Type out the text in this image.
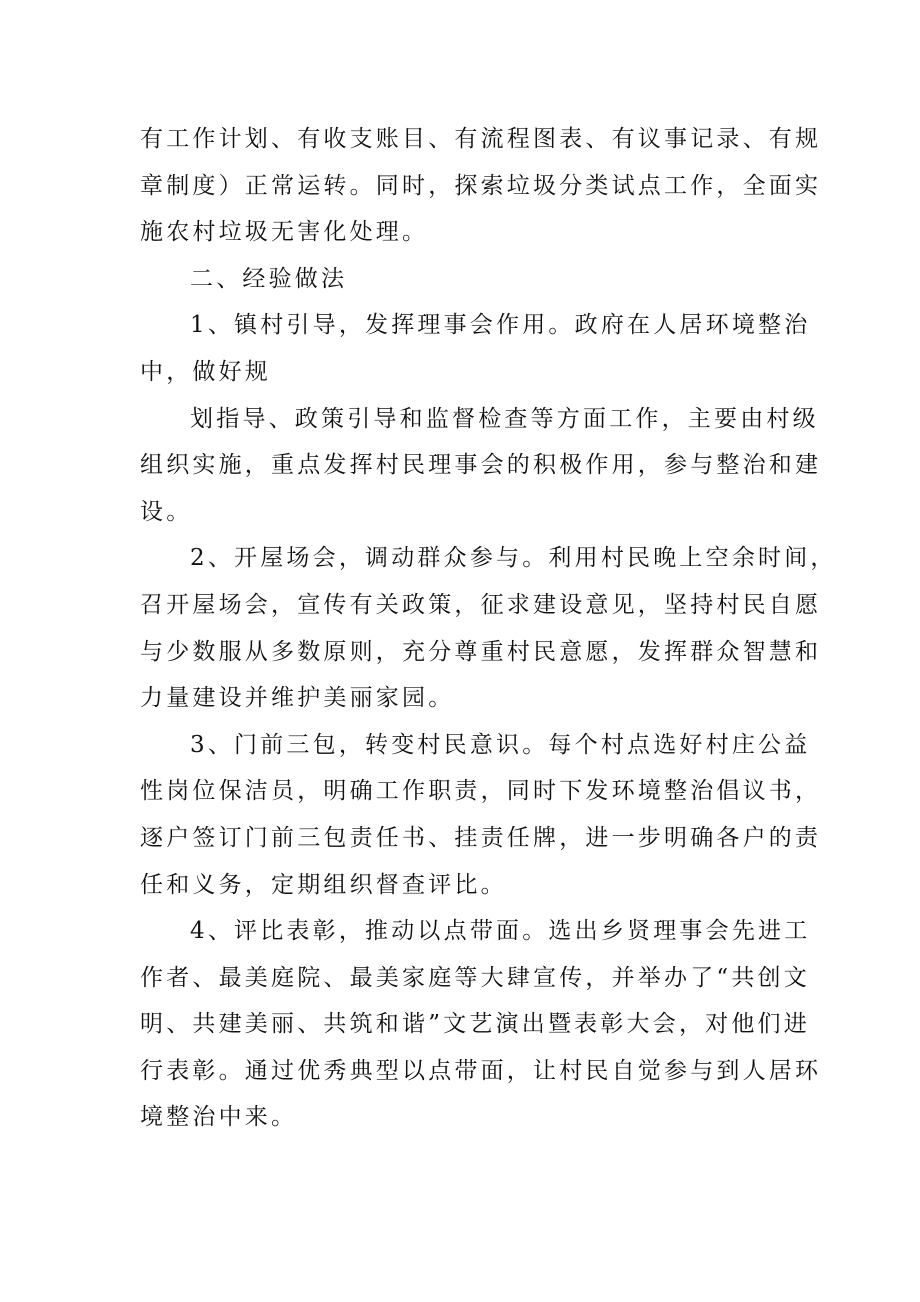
有工作计划、有收支账目、有流程图表、有议事记录、有规
章制度）正常运转。同时，探索垃圾分类试点工作，全面实
施农村垃圾无害化处理。
二、经验做法
1、镇村引导，发挥理事会作用。政府在人居环境整治
中，做好规
划指导、政策引导和监督检查等方面工作，主要由村级
组织实施，重点发挥村民理事会的积极作用，参与整治和建
设。
2、开屋场会，调动群众参与。利用村民晚上空余时间，
召开屋场会，宣传有关政策，征求建设意见，坚持村民自愿
与少数服从多数原则，充分尊重村民意愿，发挥群众智慧和
力量建设并维护美丽家园。
3、门前三包，转变村民意识。每个村点选好村庄公益
性岗位保洁员，明确工作职责，同时下发环境整治倡议书，
逐户签订门前三包责任书、挂责任牌，进一步明确各户的责
任和义务，定期组织督查评比。
4、评比表彰，推动以点带面。选出乡贤理事会先进工
作者、最美庭院、最美家庭等大肆宣传，并举办了“共创文
明、共建美丽、共筑和谐”文艺演出暨表彰大会，对他们进
行表彰。通过优秀典型以点带面，让村民自觉参与到人居环
境整治中来。
